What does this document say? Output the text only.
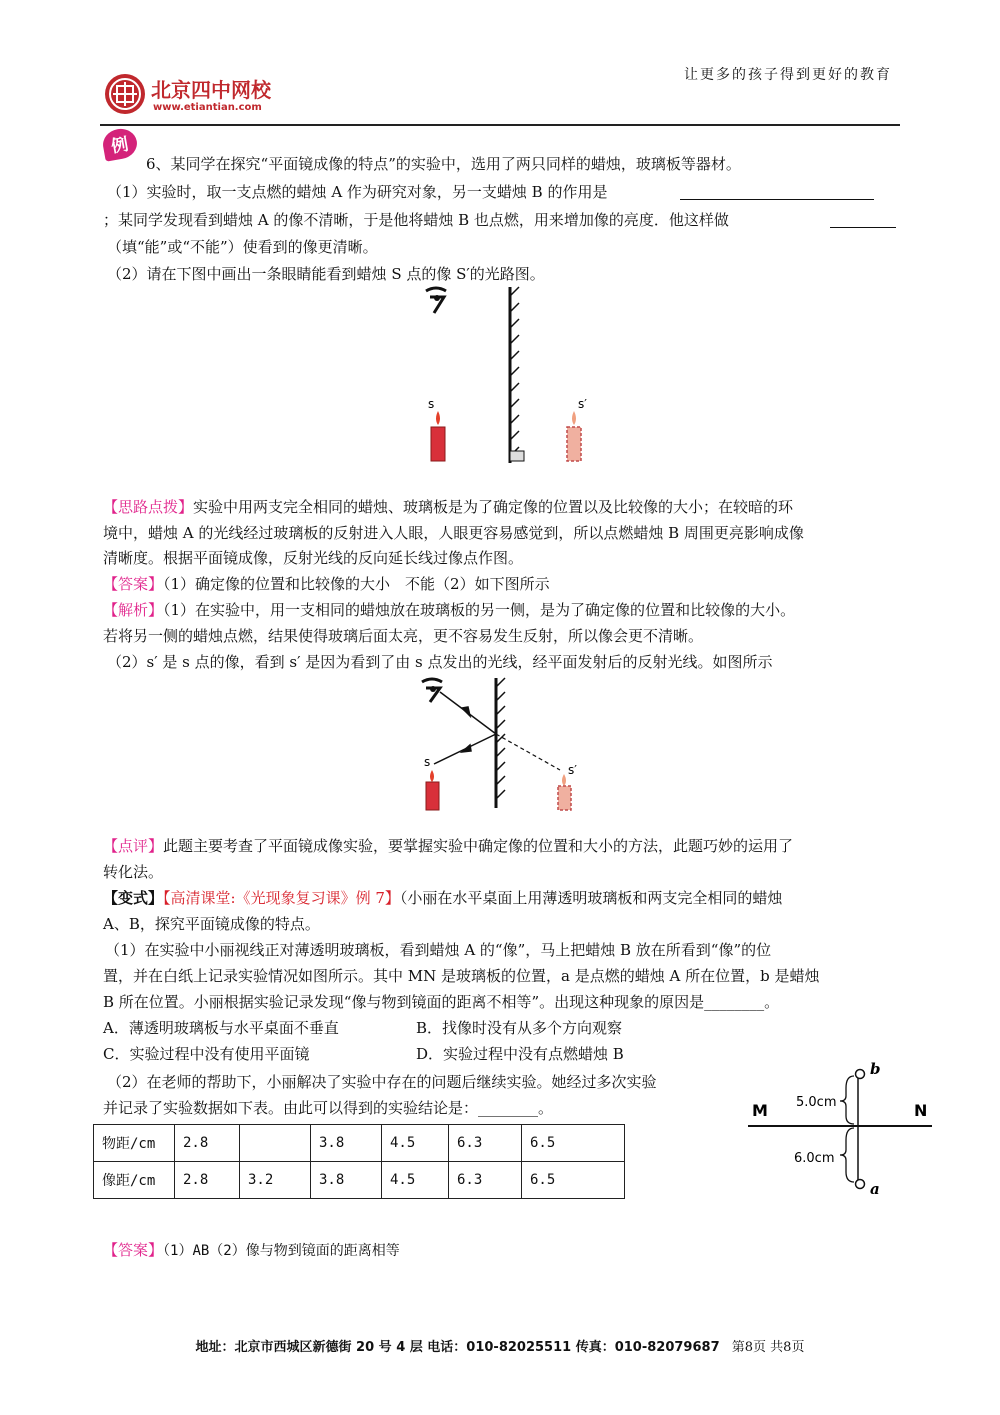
北京四中网校
www.etiantian.com
让更多的孩子得到更好的教育
例
6、某同学在探究“平面镜成像的特点”的实验中，选用了两只同样的蜡烛，玻璃板等器材。
（1）实验时，取一支点燃的蜡烛 A 作为研究对象，另一支蜡烛 B 的作用是
；某同学发现看到蜡烛 A 的像不清晰，于是他将蜡烛 B 也点燃，用来增加像的亮度．他这样做
（填“能”或“不能”）使看到的像更清晰。
（2）请在下图中画出一条眼睛能看到蜡烛 S 点的像 S′的光路图。
s	s′
【思路点拨】实验中用两支完全相同的蜡烛、玻璃板是为了确定像的位置以及比较像的大小；在较暗的环
境中，蜡烛 A 的光线经过玻璃板的反射进入人眼，人眼更容易感觉到，所以点燃蜡烛 B 周围更亮影响成像
清晰度。根据平面镜成像，反射光线的反向延长线过像点作图。
【答案】（1）确定像的位置和比较像的大小　不能（2）如下图所示
【解析】（1）在实验中，用一支相同的蜡烛放在玻璃板的另一侧，是为了确定像的位置和比较像的大小。
若将另一侧的蜡烛点燃，结果使得玻璃后面太亮，更不容易发生反射，所以像会更不清晰。
（2）s′ 是 s 点的像，看到 s′ 是因为看到了由 s 点发出的光线，经平面发射后的反射光线。如图所示
s
s′
【点评】此题主要考查了平面镜成像实验，要掌握实验中确定像的位置和大小的方法，此题巧妙的运用了
转化法。
【变式】【高清课堂:《光现象复习课》例 7】（小丽在水平桌面上用薄透明玻璃板和两支完全相同的蜡烛
A、B，探究平面镜成像的特点。
（1）在实验中小丽视线正对薄透明玻璃板，看到蜡烛 A 的“像”，马上把蜡烛 B 放在所看到“像”的位
置，并在白纸上记录实验情况如图所示。其中 MN 是玻璃板的位置，a 是点燃的蜡烛 A 所在位置，b 是蜡烛
B 所在位置。小丽根据实验记录发现“像与物到镜面的距离不相等”。出现这种现象的原因是________。
A．薄透明玻璃板与水平桌面不垂直	B．找像时没有从多个方向观察
C．实验过程中没有使用平面镜	D．实验过程中没有点燃蜡烛 B
（2）在老师的帮助下，小丽解决了实验中存在的问题后继续实验。她经过多次实验
并记录了实验数据如下表。由此可以得到的实验结论是：________。	M	N
b
a
5.0cm
6.0cm
物距/cm	2.8		3.8	4.5	6.3	6.5
像距/cm	2.8	3.2	3.8	4.5	6.3	6.5
【答案】（1）AB（2）像与物到镜面的距离相等
地址：北京市西城区新德街 20 号 4 层 电话：010-82025511 传真：010-82079687 第8页 共8页
